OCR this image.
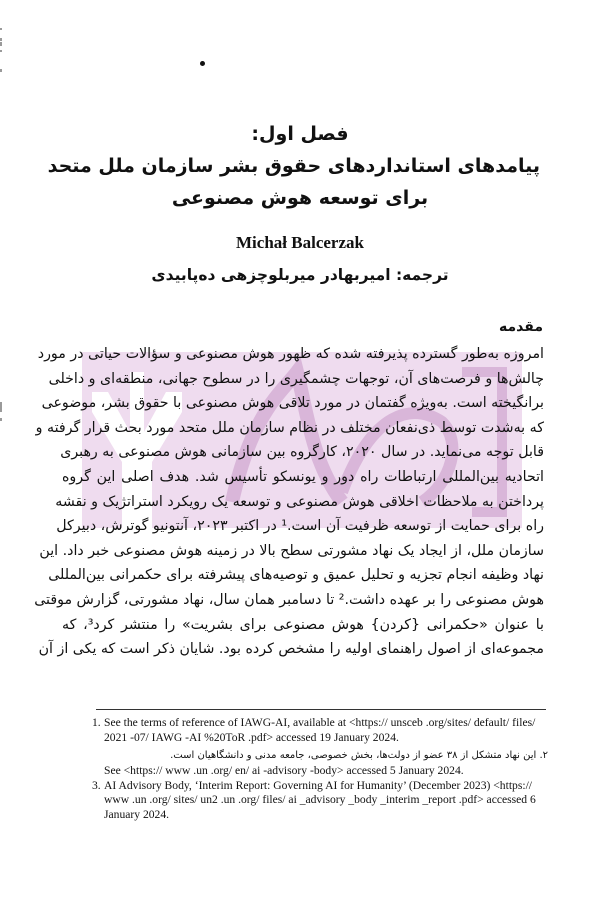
فصل اول:
پیامدهای استانداردهای حقوق بشر سازمان ملل متحد
برای توسعه هوش مصنوعی
Michał Balcerzak
ترجمه: امیربهادر میربلوچزهی ده‌پابیدی
مقدمه
امروزه به‌طور گسترده پذیرفته شده که ظهور هوش مصنوعی و سؤالات حیاتی در مورد
چالش‌ها و فرصت‌های آن، توجهات چشمگیری را در سطوح جهانی، منطقه‌ای و داخلی
برانگیخته است. به‌ویژه گفتمان در مورد تلاقی هوش مصنوعی با حقوق بشر، موضوعی
که به‌شدت توسط ذی‌نفعان مختلف در نظام سازمان ملل متحد مورد بحث قرار گرفته و
قابل توجه می‌نماید. در سال ۲۰۲۰، کارگروه بین سازمانی هوش مصنوعی به رهبری
اتحادیه بین‌المللی ارتباطات راه دور و یونسکو تأسیس شد. هدف اصلی این گروه
پرداختن به ملاحظات اخلاقی هوش مصنوعی و توسعه یک رویکرد استراتژیک و نقشه
راه برای حمایت از توسعه ظرفیت آن است.¹ در اکتبر ۲۰۲۳، آنتونیو گوترش، دبیرکل
سازمان ملل، از ایجاد یک نهاد مشورتی سطح بالا در زمینه هوش مصنوعی خبر داد. این
نهاد وظیفه انجام تجزیه و تحلیل عمیق و توصیه‌های پیشرفته برای حکمرانی بین‌المللی
هوش مصنوعی را بر عهده داشت.² تا دسامبر همان سال، نهاد مشورتی، گزارش موقتی
با عنوان «حکمرانی {کردن} هوش مصنوعی برای بشریت» را منتشر کرد³، که
مجموعه‌ای از اصول راهنمای اولیه را مشخص کرده بود. شایان ذکر است که یکی از آن
1. See the terms of reference of IAWG-AI, available at <https:// unsceb .org/sites/ default/ files/
2021 -07/ IAWG -AI %20ToR .pdf> accessed 19 January 2024.
۲. این نهاد متشکل از ۳۸ عضو از دولت‌ها، بخش خصوصی، جامعه مدنی و دانشگاهیان است.
See <https:// www .un .org/ en/ ai -advisory -body> accessed 5 January 2024.
3. AI Advisory Body, ‘Interim Report: Governing AI for Humanity’ (December 2023) <https://
www .un .org/ sites/ un2 .un .org/ files/ ai _advisory _body _interim _report .pdf> accessed 6
January 2024.
